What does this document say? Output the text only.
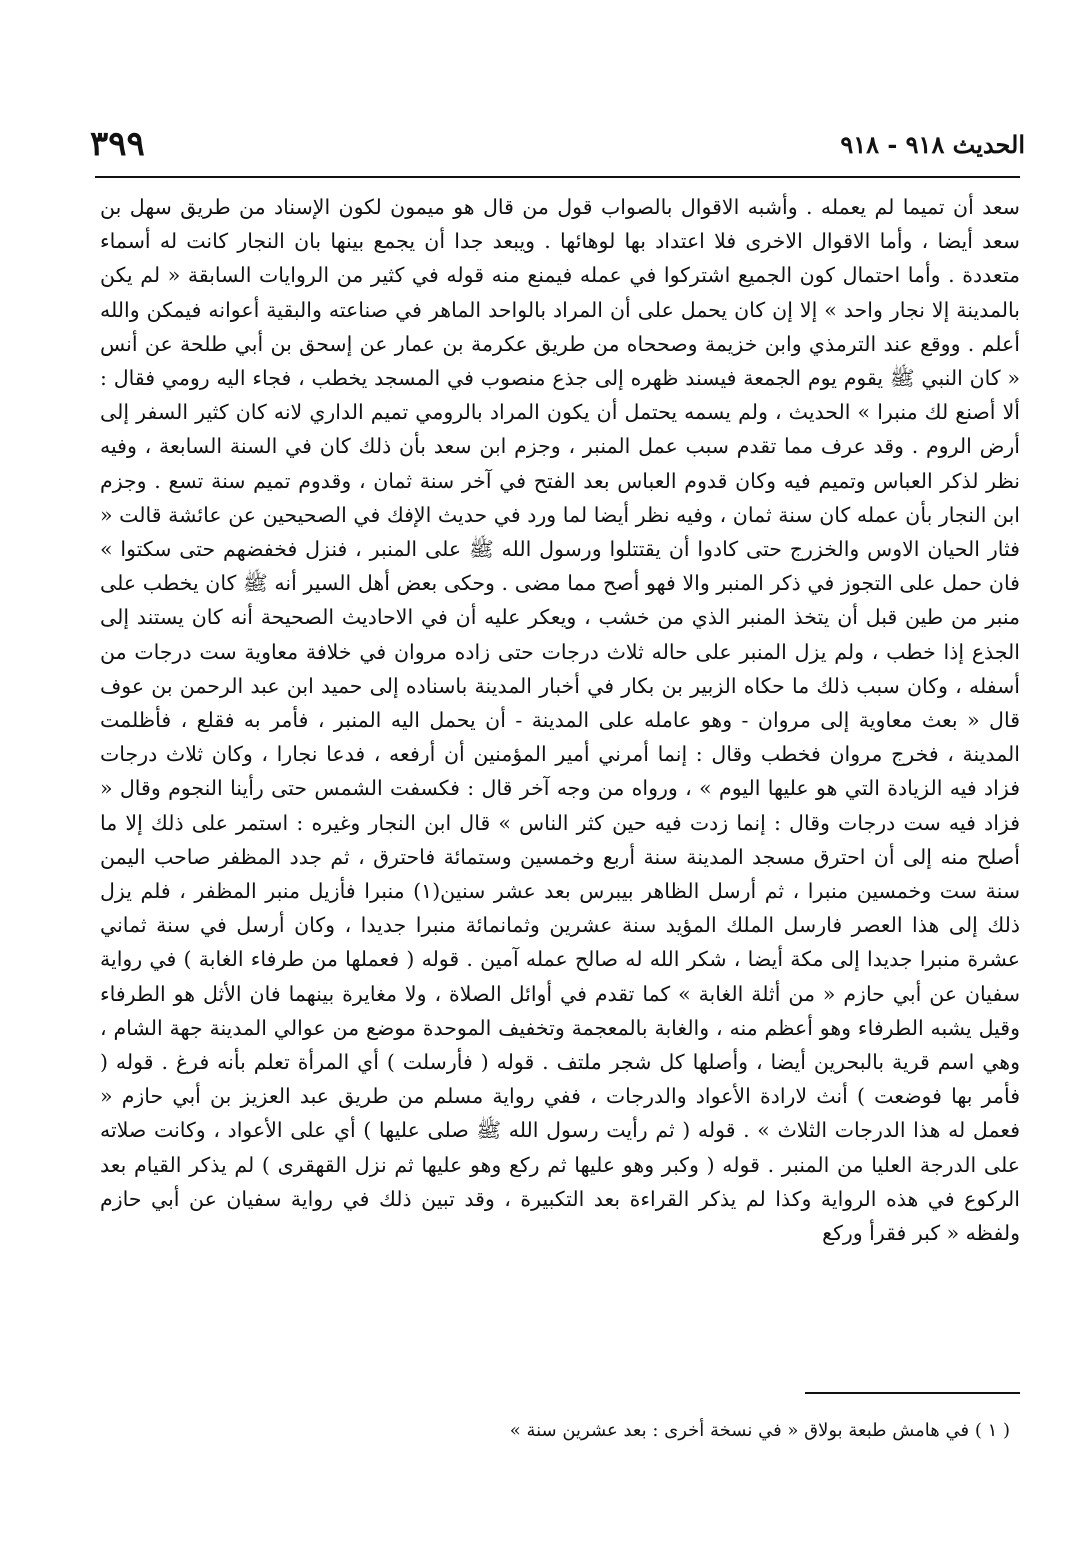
الحديث ٩١٨ - ٩١٨
٣٩٩

سعد أن تميما لم يعمله . وأشبه الاقوال بالصواب قول من قال هو ميمون لكون الإسناد من طريق سهل بن سعد أيضا ، وأما الاقوال الاخرى فلا اعتداد بها لوهائها . ويبعد جدا أن يجمع بينها بان النجار كانت له أسماء متعددة . وأما احتمال كون الجميع اشتركوا في عمله فيمنع منه قوله في كثير من الروايات السابقة « لم يكن بالمدينة إلا نجار واحد » إلا إن كان يحمل على أن المراد بالواحد الماهر في صناعته والبقية أعوانه فيمكن والله أعلم . ووقع عند الترمذي وابن خزيمة وصححاه من طريق عكرمة بن عمار عن إسحق بن أبي طلحة عن أنس « كان النبي ﷺ يقوم يوم الجمعة فيسند ظهره إلى جذع منصوب في المسجد يخطب ، فجاء اليه رومي فقال : ألا أصنع لك منبرا » الحديث ، ولم يسمه يحتمل أن يكون المراد بالرومي تميم الداري لانه كان كثير السفر إلى أرض الروم . وقد عرف مما تقدم سبب عمل المنبر ، وجزم ابن سعد بأن ذلك كان في السنة السابعة ، وفيه نظر لذكر العباس وتميم فيه وكان قدوم العباس بعد الفتح في آخر سنة ثمان ، وقدوم تميم سنة تسع . وجزم ابن النجار بأن عمله كان سنة ثمان ، وفيه نظر أيضا لما ورد في حديث الإفك في الصحيحين عن عائشة قالت « فثار الحيان الاوس والخزرج حتى كادوا أن يقتتلوا ورسول الله ﷺ على المنبر ، فنزل فخفضهم حتى سكتوا » فان حمل على التجوز في ذكر المنبر والا فهو أصح مما مضى . وحكى بعض أهل السير أنه ﷺ كان يخطب على منبر من طين قبل أن يتخذ المنبر الذي من خشب ، ويعكر عليه أن في الاحاديث الصحيحة أنه كان يستند إلى الجذع إذا خطب ، ولم يزل المنبر على حاله ثلاث درجات حتى زاده مروان في خلافة معاوية ست درجات من أسفله ، وكان سبب ذلك ما حكاه الزبير بن بكار في أخبار المدينة باسناده إلى حميد ابن عبد الرحمن بن عوف قال « بعث معاوية إلى مروان - وهو عامله على المدينة - أن يحمل اليه المنبر ، فأمر به فقلع ، فأظلمت المدينة ، فخرج مروان فخطب وقال : إنما أمرني أمير المؤمنين أن أرفعه ، فدعا نجارا ، وكان ثلاث درجات فزاد فيه الزيادة التي هو عليها اليوم » ، ورواه من وجه آخر قال : فكسفت الشمس حتى رأينا النجوم وقال « فزاد فيه ست درجات وقال : إنما زدت فيه حين كثر الناس » قال ابن النجار وغيره : استمر على ذلك إلا ما أصلح منه إلى أن احترق مسجد المدينة سنة أربع وخمسين وستمائة فاحترق ، ثم جدد المظفر صاحب اليمن سنة ست وخمسين منبرا ، ثم أرسل الظاهر بيبرس بعد عشر سنين(١) منبرا فأزيل منبر المظفر ، فلم يزل ذلك إلى هذا العصر فارسل الملك المؤيد سنة عشرين وثمانمائة منبرا جديدا ، وكان أرسل في سنة ثماني عشرة منبرا جديدا إلى مكة أيضا ، شكر الله له صالح عمله آمين . قوله ( فعملها من طرفاء الغابة ) في رواية سفيان عن أبي حازم « من أثلة الغابة » كما تقدم في أوائل الصلاة ، ولا مغايرة بينهما فان الأثل هو الطرفاء وقيل يشبه الطرفاء وهو أعظم منه ، والغابة بالمعجمة وتخفيف الموحدة موضع من عوالي المدينة جهة الشام ، وهي اسم قرية بالبحرين أيضا ، وأصلها كل شجر ملتف . قوله ( فأرسلت ) أي المرأة تعلم بأنه فرغ . قوله ( فأمر بها فوضعت ) أنث لارادة الأعواد والدرجات ، ففي رواية مسلم من طريق عبد العزيز بن أبي حازم « فعمل له هذا الدرجات الثلاث » . قوله ( ثم رأيت رسول الله ﷺ صلى عليها ) أي على الأعواد ، وكانت صلاته على الدرجة العليا من المنبر . قوله ( وكبر وهو عليها ثم ركع وهو عليها ثم نزل القهقرى ) لم يذكر القيام بعد الركوع في هذه الرواية وكذا لم يذكر القراءة بعد التكبيرة ، وقد تبين ذلك في رواية سفيان عن أبي حازم ولفظه « كبر فقرأ وركع

( ١ ) في هامش طبعة بولاق « في نسخة أخرى : بعد عشرين سنة »
